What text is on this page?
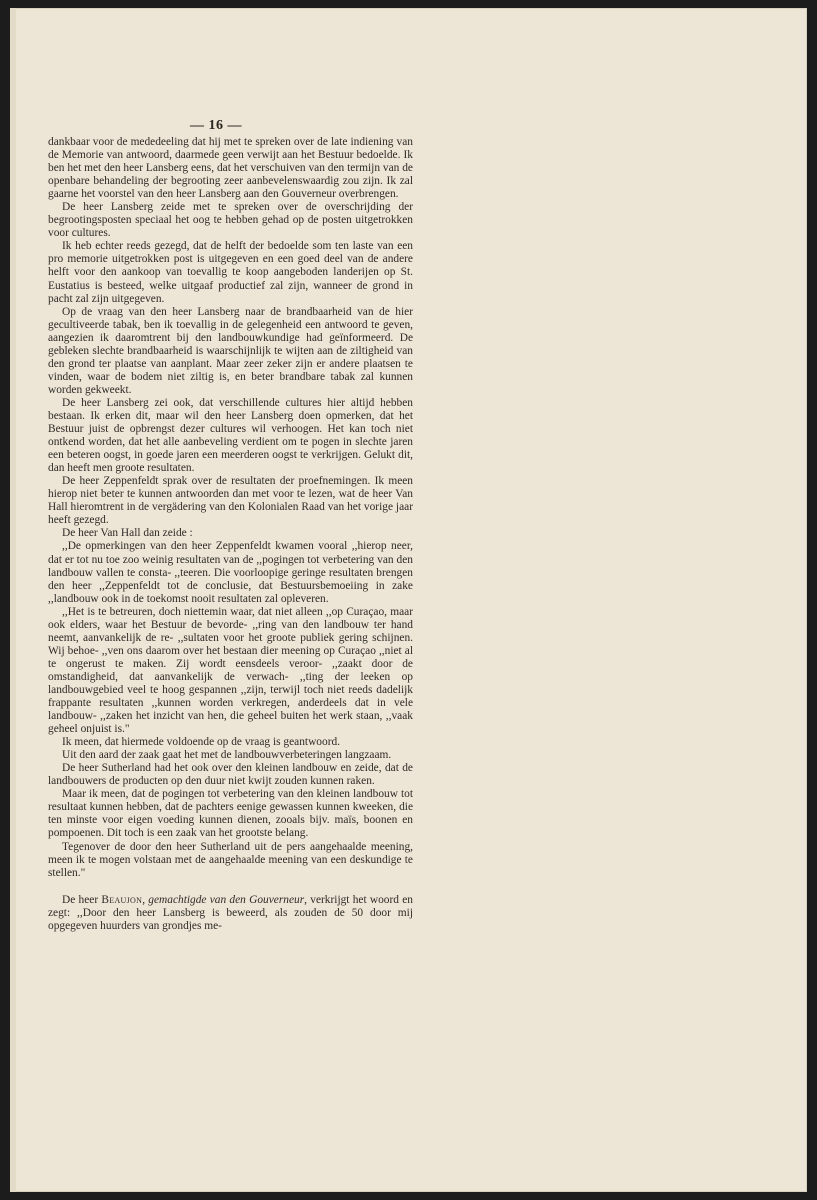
— 16 —

dankbaar voor de mededeeling dat hij met te spreken over de late indiening van de Memorie van antwoord, daarmede geen verwijt aan het Bestuur bedoelde. Ik ben het met den heer Lansberg eens, dat het verschuiven van den termijn van de openbare behandeling der begrooting zeer aanbevelenswaardig zou zijn. Ik zal gaarne het voorstel van den heer Lansberg aan den Gouverneur overbrengen.

De heer Lansberg zeide met te spreken over de overschrijding der begrootingsposten speciaal het oog te hebben gehad op de posten uitgetrokken voor cultures.

Ik heb echter reeds gezegd, dat de helft der bedoelde som ten laste van een pro memorie uitgetrokken post is uitgegeven en een goed deel van de andere helft voor den aankoop van toevallig te koop aangeboden landerijen op St. Eustatius is besteed, welke uitgaaf productief zal zijn, wanneer de grond in pacht zal zijn uitgegeven.

Op de vraag van den heer Lansberg naar de brandbaarheid van de hier gecultiveerde tabak, ben ik toevallig in de gelegenheid een antwoord te geven, aangezien ik daaromtrent bij den landbouwkundige had geïnformeerd. De gebleken slechte brandbaarheid is waarschijnlijk te wijten aan de ziltigheid van den grond ter plaatse van aanplant. Maar zeer zeker zijn er andere plaatsen te vinden, waar de bodem niet ziltig is, en beter brandbare tabak zal kunnen worden gekweekt.

De heer Lansberg zei ook, dat verschillende cultures hier altijd hebben bestaan. Ik erken dit, maar wil den heer Lansberg doen opmerken, dat het Bestuur juist de opbrengst dezer cultures wil verhoogen. Het kan toch niet ontkend worden, dat het alle aanbeveling verdient om te pogen in slechte jaren een beteren oogst, in goede jaren een meerderen oogst te verkrijgen. Gelukt dit, dan heeft men groote resultaten.

De heer Zeppenfeldt sprak over de resultaten der proefnemingen. Ik meen hierop niet beter te kunnen antwoorden dan met voor te lezen, wat de heer Van Hall hieromtrent in de vergädering van den Kolonialen Raad van het vorige jaar heeft gezegd.

De heer Van Hall dan zeide :

,,De opmerkingen van den heer Zeppenfeldt kwamen vooral ,,hierop neer, dat er tot nu toe zoo weinig resultaten van de ,,pogingen tot verbetering van den landbouw vallen te consta- ,,teeren. Die voorloopige geringe resultaten brengen den heer ,,Zeppenfeldt tot de conclusie, dat Bestuursbemoeiing in zake ,,landbouw ook in de toekomst nooit resultaten zal opleveren.

,,Het is te betreuren, doch niettemin waar, dat niet alleen ,,op Curaçao, maar ook elders, waar het Bestuur de bevorde- ,,ring van den landbouw ter hand neemt, aanvankelijk de re- ,,sultaten voor het groote publiek gering schijnen. Wij behoe- ,,ven ons daarom over het bestaan dier meening op Curaçao ,,niet al te ongerust te maken. Zij wordt eensdeels veroor- ,,zaakt door de omstandigheid, dat aanvankelijk de verwach- ,,ting der leeken op landbouwgebied veel te hoog gespannen ,,zijn, terwijl toch niet reeds dadelijk frappante resultaten ,,kunnen worden verkregen, anderdeels dat in vele landbouw- ,,zaken het inzicht van hen, die geheel buiten het werk staan, ,,vaak geheel onjuist is."

Ik meen, dat hiermede voldoende op de vraag is geantwoord.

Uit den aard der zaak gaat het met de landbouwverbeteringen langzaam.

De heer Sutherland had het ook over den kleinen landbouw en zeide, dat de landbouwers de producten op den duur niet kwijt zouden kunnen raken.

Maar ik meen, dat de pogingen tot verbetering van den kleinen landbouw tot resultaat kunnen hebben, dat de pachters eenige gewassen kunnen kweeken, die ten minste voor eigen voeding kunnen dienen, zooals bijv. maïs, boonen en pompoenen. Dit toch is een zaak van het grootste belang.

Tegenover de door den heer Sutherland uit de pers aangehaalde meening, meen ik te mogen volstaan met de aangehaalde meening van een deskundige te stellen."

De heer Beaujon, gemachtigde van den Gouverneur, verkrijgt het woord en zegt: ,,Door den heer Lansberg is beweerd, als zouden de 50 door mij opgegeven huurders van grondjes me-
